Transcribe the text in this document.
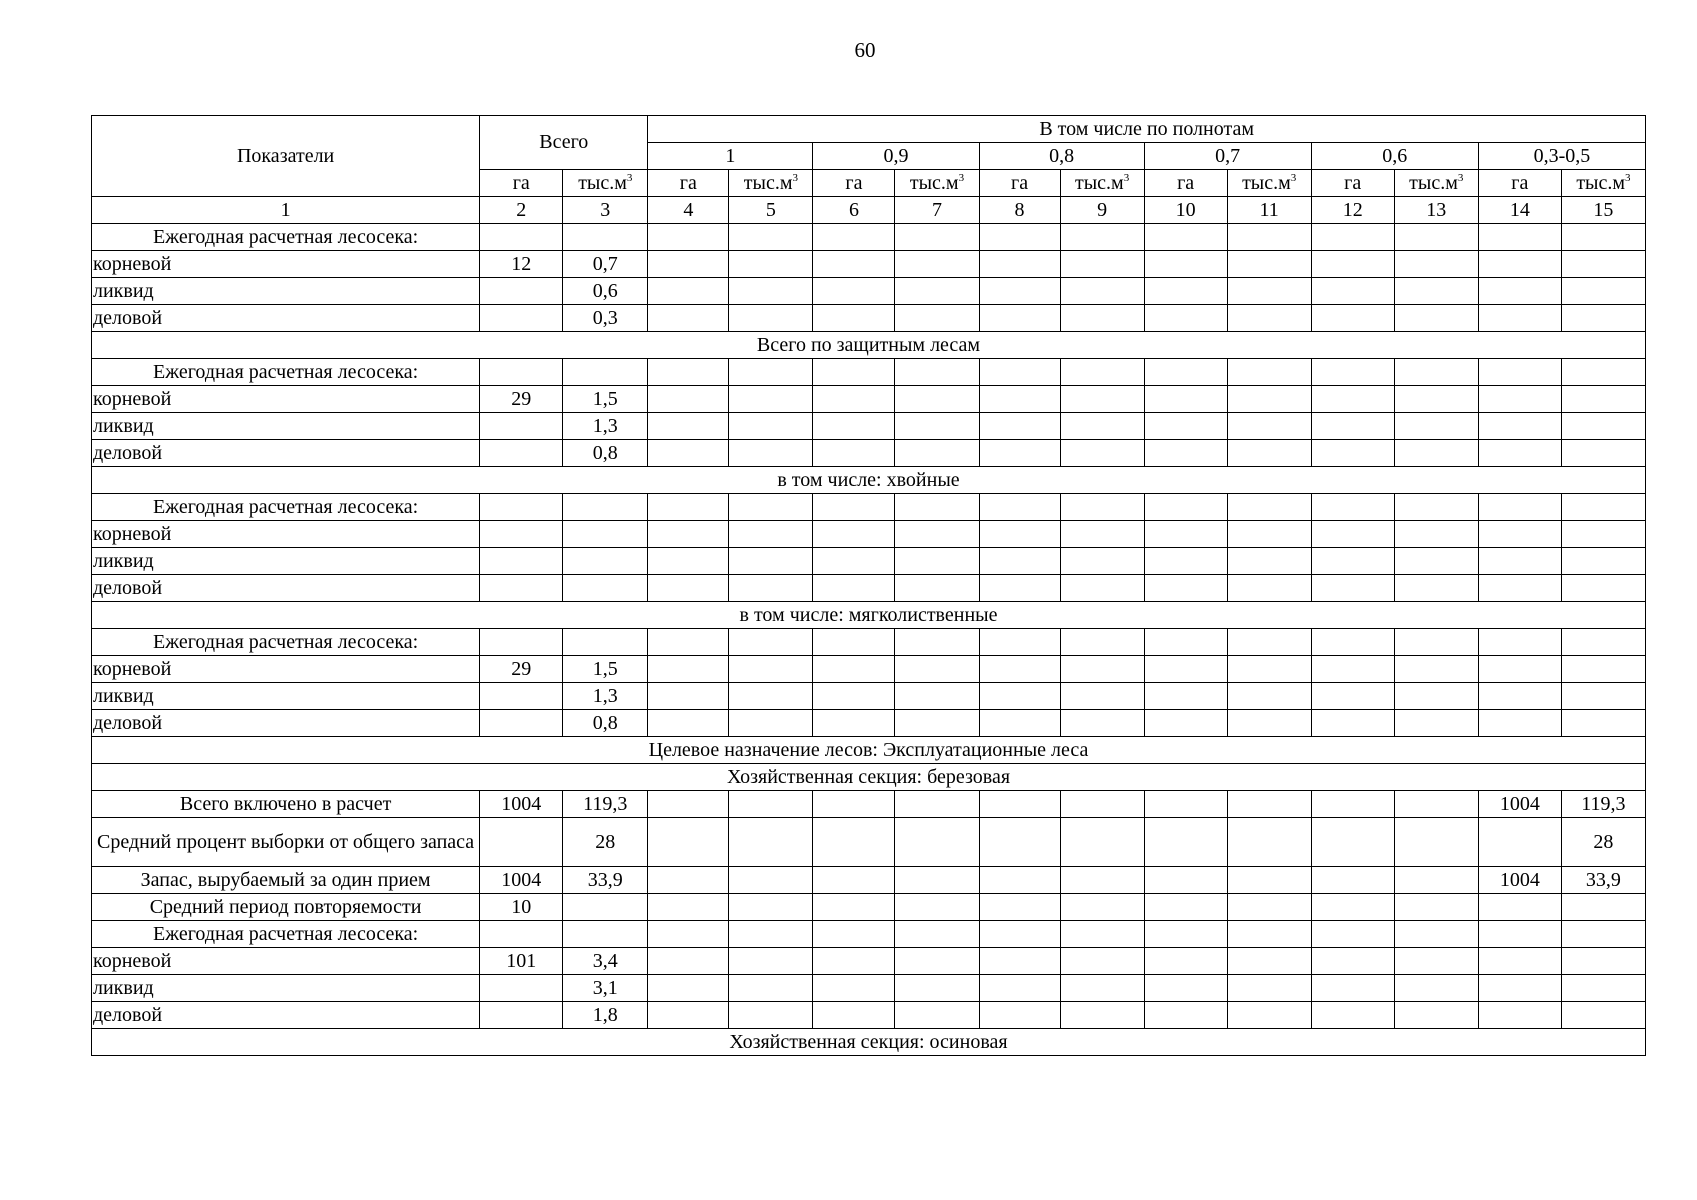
60
Показатели	Всего		В том числе по полнотам											
			1		0,9		0,8		0,7		0,6		0,3-0,5	
	га	$тыс.м^3$	га	$тыс.м^3$	га	$тыс.м^3$	га	$тыс.м^3$	га	$тыс.м^3$	га	$тыс.м^3$	га	$тыс.м^3$
1	2	3	4	5	6	7	8	9	10	11	12	13	14	15
Ежегодная расчетная лесосека:														
корневой	12	0,7												
ликвид		0,6												
деловой		0,3												
Всего по защитным лесам														
Ежегодная расчетная лесосека:														
корневой	29	1,5												
ликвид		1,3												
деловой		0,8												
в том числе: хвойные														
Ежегодная расчетная лесосека:														
корневой														
ликвид														
деловой														
в том числе: мягколиственные														
Ежегодная расчетная лесосека:														
корневой	29	1,5												
ликвид		1,3												
деловой		0,8												
Целевое назначение лесов: Эксплуатационные леса														
Хозяйственная секция: березовая														
Всего включено в расчет	1004	119,3											1004	119,3
Средний процент выборки от общего запаса		28												28
Запас, вырубаемый за один прием	1004	33,9											1004	33,9
Средний период повторяемости	10													
Ежегодная расчетная лесосека:														
корневой	101	3,4												
ликвид		3,1												
деловой		1,8												
Хозяйственная секция: осиновая														
